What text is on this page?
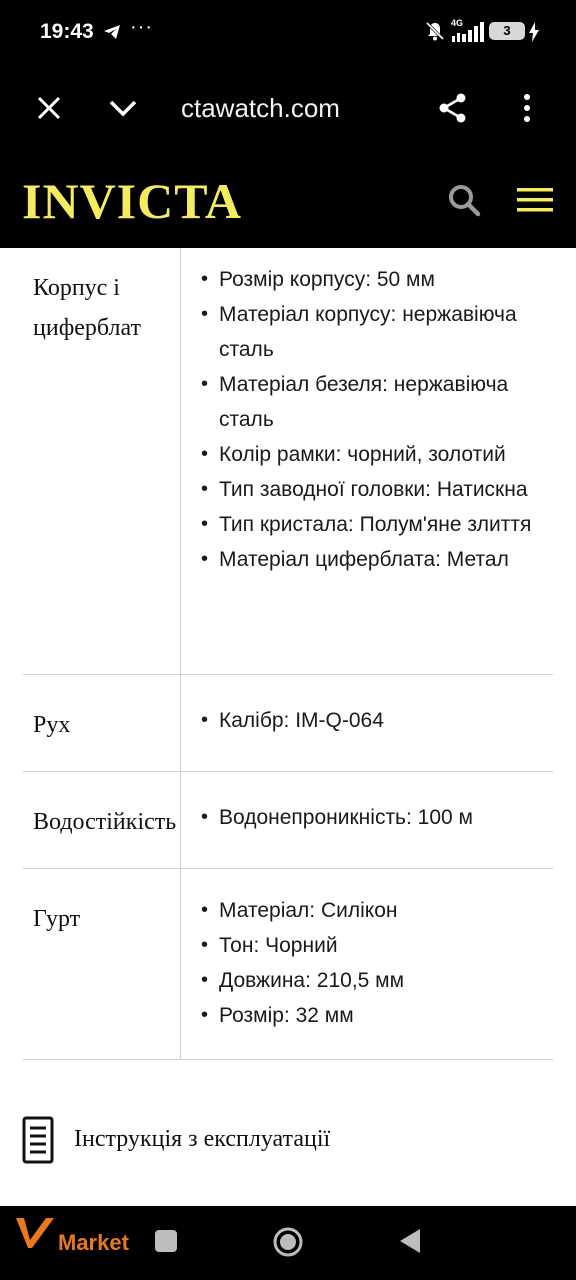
19:43 ···	4G	3
ctawatch.com
INVICTA
Корпус і циферблат
• Розмір корпусу: 50 мм
• Матеріал корпусу: нержавіюча сталь
• Матеріал безеля: нержавіюча сталь
• Колір рамки: чорний, золотий
• Тип заводної головки: Натискна
• Тип кристала: Полум'яне злиття
• Матеріал циферблата: Метал
Рух	• Калібр: IM-Q-064
Водостійкість	• Водонепроникність: 100 м
Гурт	• Матеріал: Силікон
• Тон: Чорний
• Довжина: 210,5 мм
• Розмір: 32 мм
Інструкція з експлуатації
Market
